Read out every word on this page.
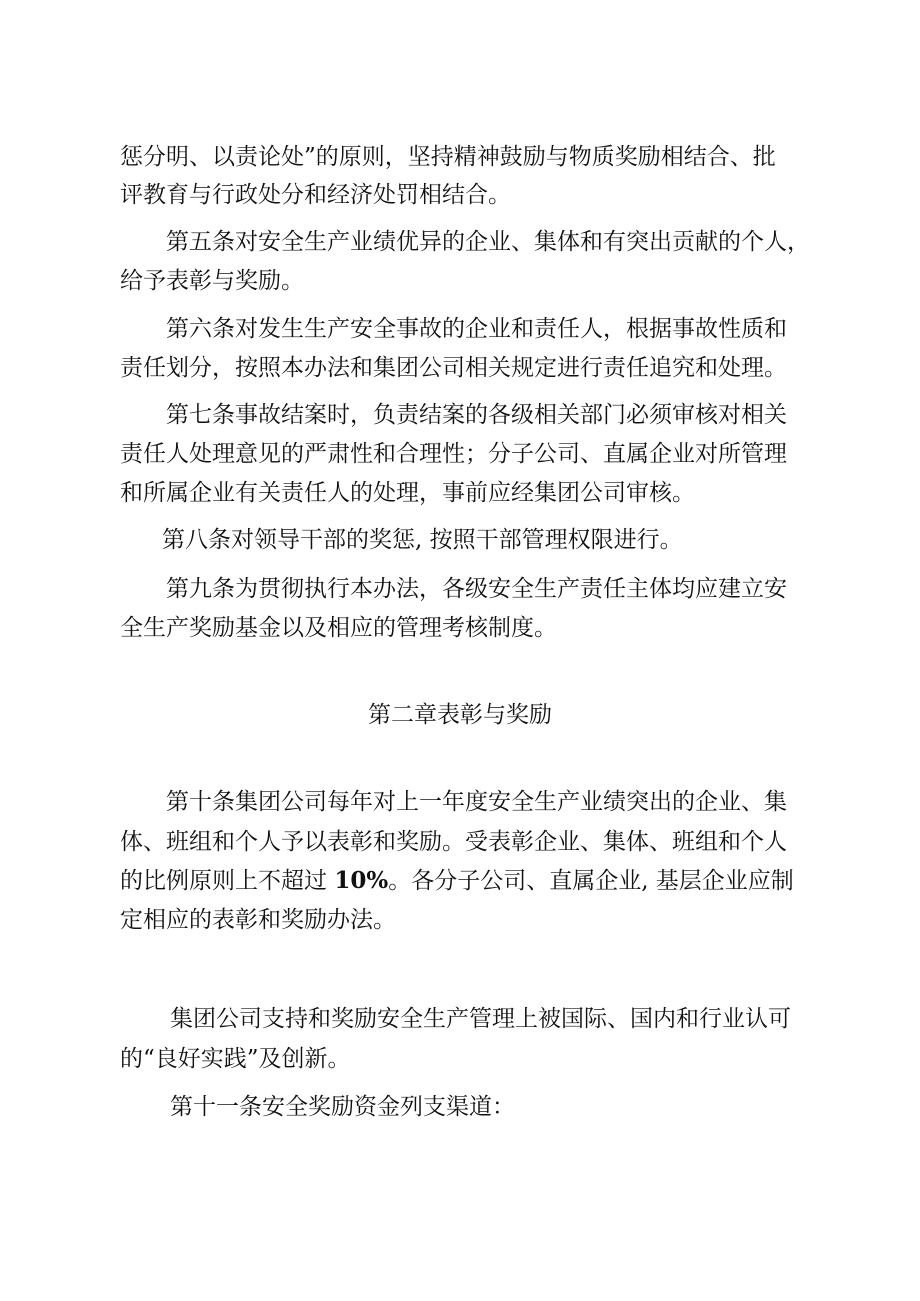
惩分明、以责论处”的原则，坚持精神鼓励与物质奖励相结合、批
评教育与行政处分和经济处罚相结合。
第五条对安全生产业绩优异的企业、集体和有突出贡献的个人，
给予表彰与奖励。
第六条对发生生产安全事故的企业和责任人，根据事故性质和
责任划分，按照本办法和集团公司相关规定进行责任追究和处理。
第七条事故结案时，负责结案的各级相关部门必须审核对相关
责任人处理意见的严肃性和合理性；分子公司、直属企业对所管理
和所属企业有关责任人的处理，事前应经集团公司审核。
第八条对领导干部的奖惩, 按照干部管理权限进行。
第九条为贯彻执行本办法，各级安全生产责任主体均应建立安
全生产奖励基金以及相应的管理考核制度。
第二章表彰与奖励
第十条集团公司每年对上一年度安全生产业绩突出的企业、集
体、班组和个人予以表彰和奖励。受表彰企业、集体、班组和个人
的比例原则上不超过 10%。各分子公司、直属企业, 基层企业应制
定相应的表彰和奖励办法。
集团公司支持和奖励安全生产管理上被国际、国内和行业认可
的“良好实践”及创新。
第十一条安全奖励资金列支渠道：
